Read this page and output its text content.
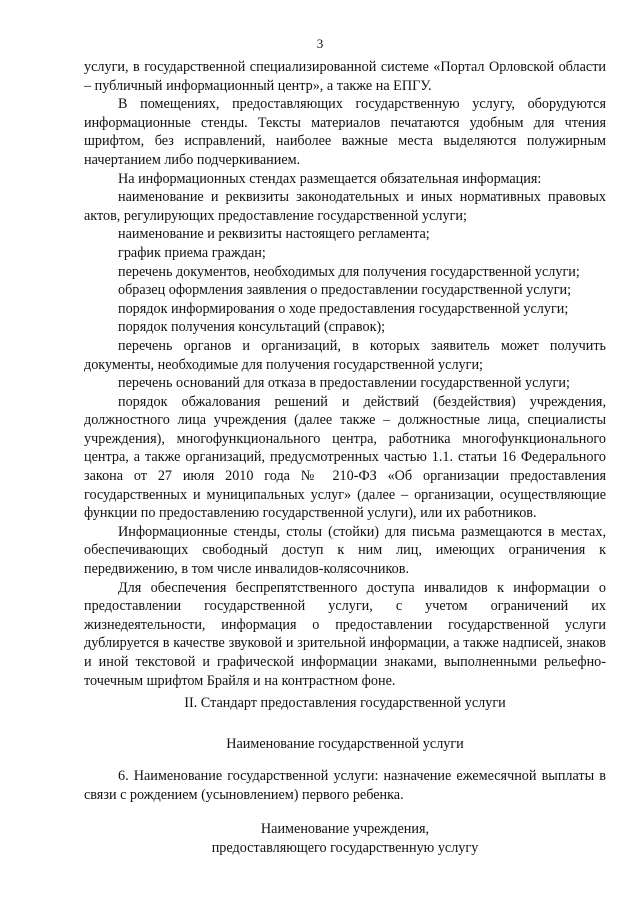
3

услуги, в государственной специализированной системе «Портал Орловской области – публичный информационный центр», а также на ЕПГУ.

В помещениях, предоставляющих государственную услугу, оборудуются информационные стенды. Тексты материалов печатаются удобным для чтения шрифтом, без исправлений, наиболее важные места выделяются полужирным начертанием либо подчеркиванием.

На информационных стендах размещается обязательная информация:

наименование и реквизиты законодательных и иных нормативных правовых актов, регулирующих предоставление государственной услуги;

наименование и реквизиты настоящего регламента;

график приема граждан;

перечень документов, необходимых для получения государственной услуги;

образец оформления заявления о предоставлении государственной услуги;

порядок информирования о ходе предоставления государственной услуги;

порядок получения консультаций (справок);

перечень органов и организаций, в которых заявитель может получить документы, необходимые для получения государственной услуги;

перечень оснований для отказа в предоставлении государственной услуги;

порядок обжалования решений и действий (бездействия) учреждения, должностного лица учреждения (далее также – должностные лица, специалисты учреждения), многофункционального центра, работника многофункционального центра, а также организаций, предусмотренных частью 1.1. статьи 16 Федерального закона от 27 июля 2010 года № 210-ФЗ «Об организации предоставления государственных и муниципальных услуг» (далее – организации, осуществляющие функции по предоставлению государственной услуги), или их работников.

Информационные стенды, столы (стойки) для письма размещаются в местах, обеспечивающих свободный доступ к ним лиц, имеющих ограничения к передвижению, в том числе инвалидов-колясочников.

Для обеспечения беспрепятственного доступа инвалидов к информации о предоставлении государственной услуги, с учетом ограничений их жизнедеятельности, информация о предоставлении государственной услуги дублируется в качестве звуковой и зрительной информации, а также надписей, знаков и иной текстовой и графической информации знаками, выполненными рельефно-точечным шрифтом Брайля и на контрастном фоне.

II. Стандарт предоставления государственной услуги

Наименование государственной услуги

6. Наименование государственной услуги: назначение ежемесячной выплаты в связи с рождением (усыновлением) первого ребенка.

Наименование учреждения,
предоставляющего государственную услугу
